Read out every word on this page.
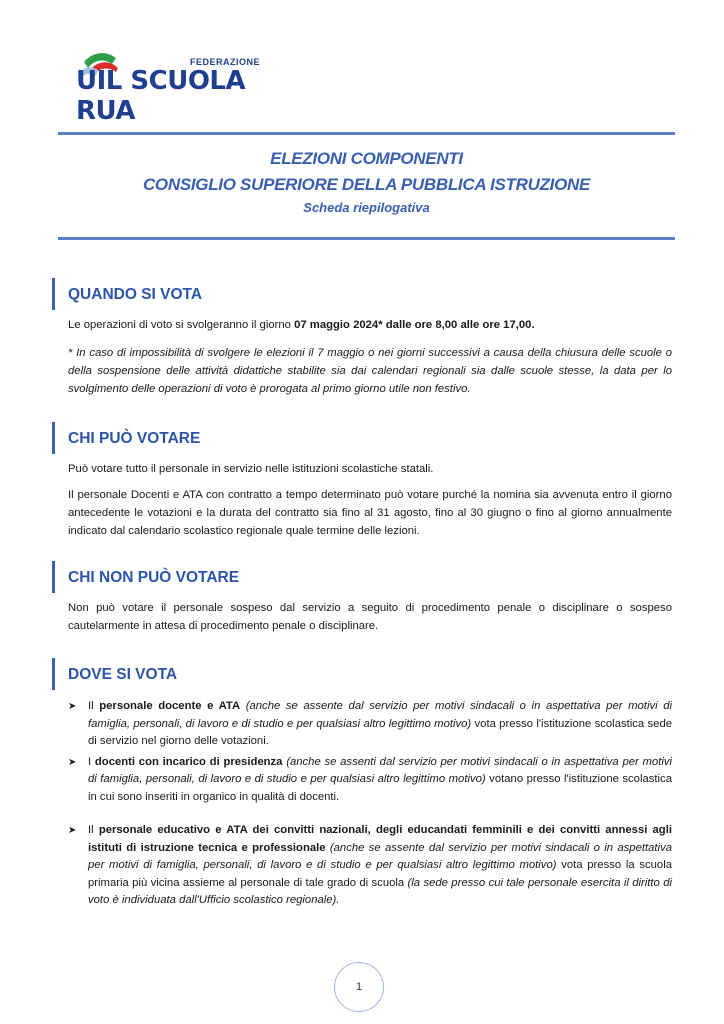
FEDERAZIONE
UIL SCUOLA RUA
ELEZIONI COMPONENTI
CONSIGLIO SUPERIORE DELLA PUBBLICA ISTRUZIONE
Scheda riepilogativa
QUANDO SI VOTA

Le operazioni di voto si svolgeranno il giorno 07 maggio 2024* dalle ore 8,00 alle ore 17,00.

* In caso di impossibilità di svolgere le elezioni il 7 maggio o nei giorni successivi a causa della chiusura delle scuole o della sospensione delle attività didattiche stabilite sia dai calendari regionali sia dalle scuole stesse, la data per lo svolgimento delle operazioni di voto è prorogata al primo giorno utile non festivo.

CHI PUÒ VOTARE

Può votare tutto il personale in servizio nelle istituzioni scolastiche statali.

Il personale Docenti e ATA con contratto a tempo determinato può votare purché la nomina sia avvenuta entro il giorno antecedente le votazioni e la durata del contratto sia fino al 31 agosto, fino al 30 giugno o fino al giorno annualmente indicato dal calendario scolastico regionale quale termine delle lezioni.

CHI NON PUÒ VOTARE

Non può votare il personale sospeso dal servizio a seguito di procedimento penale o disciplinare o sospeso cautelarmente in attesa di procedimento penale o disciplinare.

DOVE SI VOTA
➤ Il personale docente e ATA (anche se assente dal servizio per motivi sindacali o in aspettativa per motivi di famiglia, personali, di lavoro e di studio e per qualsiasi altro legittimo motivo) vota presso l'istituzione scolastica sede di servizio nel giorno delle votazioni.
➤ I docenti con incarico di presidenza (anche se assenti dal servizio per motivi sindacali o in aspettativa per motivi di famiglia, personali, di lavoro e di studio e per qualsiasi altro legittimo motivo) votano presso l'istituzione scolastica in cui sono inseriti in organico in qualità di docenti.
➤ Il personale educativo e ATA dei convitti nazionali, degli educandati femminili e dei convitti annessi agli istituti di istruzione tecnica e professionale (anche se assente dal servizio per motivi sindacali o in aspettativa per motivi di famiglia, personali, di lavoro e di studio e per qualsiasi altro legittimo motivo) vota presso la scuola primaria più vicina assieme al personale di tale grado di scuola (la sede presso cui tale personale esercita il diritto di voto è individuata dall'Ufficio scolastico regionale).
1
